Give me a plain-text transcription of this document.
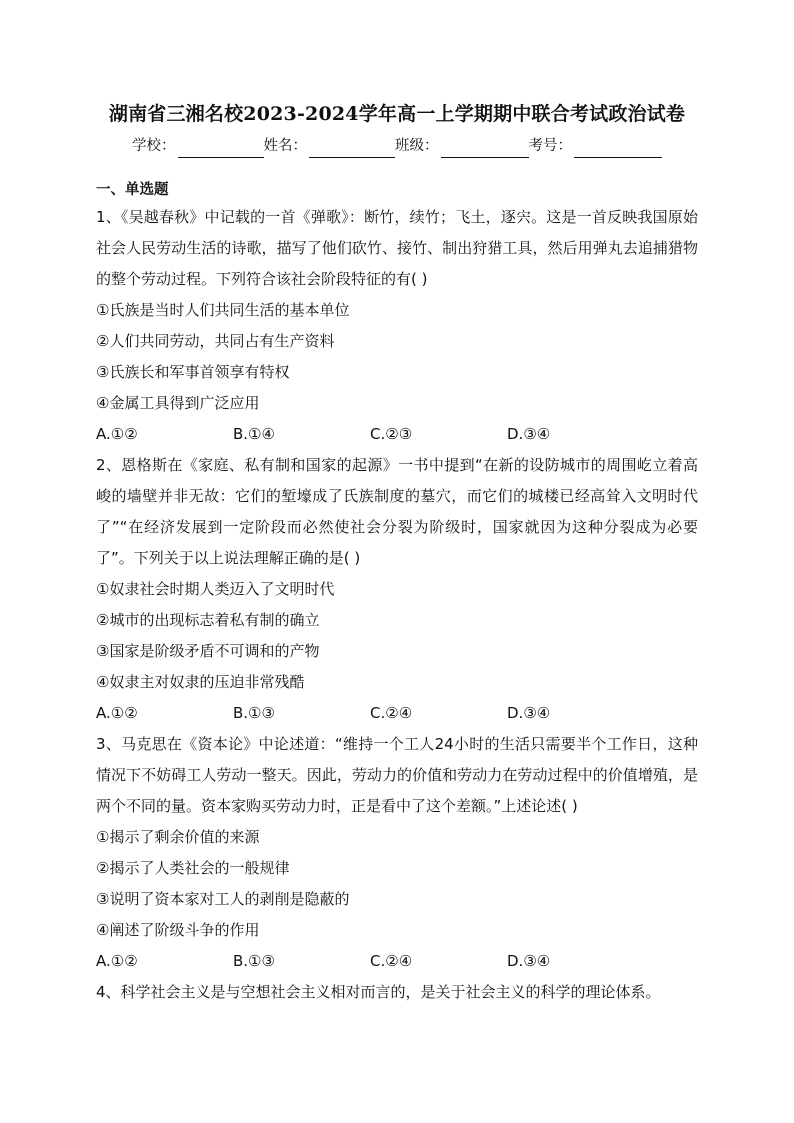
湖南省三湘名校2023-2024学年高一上学期期中联合考试政治试卷
学校：	姓名：	班级：	考号：
一、单选题

1、《吴越春秋》中记载的一首《弹歌》：断竹，续竹；飞土，逐宍。这是一首反映我国原始社会人民劳动生活的诗歌，描写了他们砍竹、接竹、制出狩猎工具，然后用弹丸去追捕猎物的整个劳动过程。下列符合该社会阶段特征的有( )

①氏族是当时人们共同生活的基本单位

②人们共同劳动，共同占有生产资料

③氏族长和军事首领享有特权

④金属工具得到广泛应用

A.①②	B.①④	C.②③	D.③④

2、恩格斯在《家庭、私有制和国家的起源》一书中提到“在新的设防城市的周围屹立着高峻的墙壁并非无故：它们的堑壕成了氏族制度的墓穴，而它们的城楼已经高耸入文明时代了”“在经济发展到一定阶段而必然使社会分裂为阶级时，国家就因为这种分裂成为必要了”。下列关于以上说法理解正确的是( )

①奴隶社会时期人类迈入了文明时代

②城市的出现标志着私有制的确立

③国家是阶级矛盾不可调和的产物

④奴隶主对奴隶的压迫非常残酷

A.①②	B.①③	C.②④	D.③④

3、马克思在《资本论》中论述道：“维持一个工人24小时的生活只需要半个工作日，这种情况下不妨碍工人劳动一整天。因此，劳动力的价值和劳动力在劳动过程中的价值增殖，是两个不同的量。资本家购买劳动力时，正是看中了这个差额。”上述论述( )

①揭示了剩余价值的来源

②揭示了人类社会的一般规律

③说明了资本家对工人的剥削是隐蔽的

④阐述了阶级斗争的作用

A.①②	B.①③	C.②④	D.③④

4、科学社会主义是与空想社会主义相对而言的，是关于社会主义的科学的理论体系。
